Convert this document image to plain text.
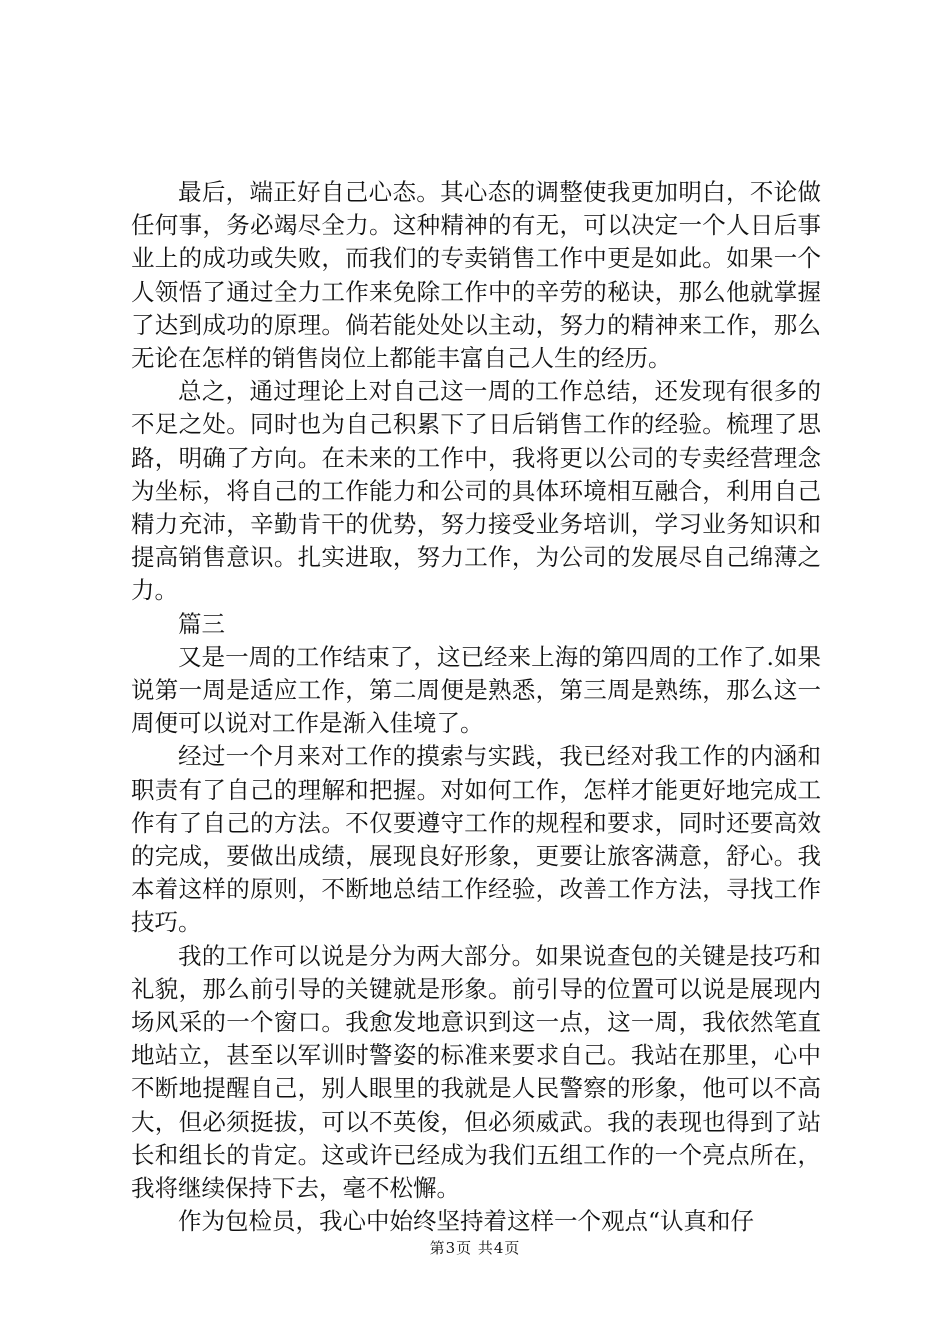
最后，端正好自己心态。其心态的调整使我更加明白，不论做任何事，务必竭尽全力。这种精神的有无，可以决定一个人日后事业上的成功或失败，而我们的专卖销售工作中更是如此。如果一个人领悟了通过全力工作来免除工作中的辛劳的秘诀，那么他就掌握了达到成功的原理。倘若能处处以主动，努力的精神来工作，那么无论在怎样的销售岗位上都能丰富自己人生的经历。

总之，通过理论上对自己这一周的工作总结，还发现有很多的不足之处。同时也为自己积累下了日后销售工作的经验。梳理了思路，明确了方向。在未来的工作中，我将更以公司的专卖经营理念为坐标，将自己的工作能力和公司的具体环境相互融合，利用自己精力充沛，辛勤肯干的优势，努力接受业务培训，学习业务知识和提高销售意识。扎实进取，努力工作，为公司的发展尽自己绵薄之力。

篇三

又是一周的工作结束了，这已经来上海的第四周的工作了.如果说第一周是适应工作，第二周便是熟悉，第三周是熟练，那么这一周便可以说对工作是渐入佳境了。

经过一个月来对工作的摸索与实践，我已经对我工作的内涵和职责有了自己的理解和把握。对如何工作，怎样才能更好地完成工作有了自己的方法。不仅要遵守工作的规程和要求，同时还要高效的完成，要做出成绩，展现良好形象，更要让旅客满意，舒心。我本着这样的原则，不断地总结工作经验，改善工作方法，寻找工作技巧。

我的工作可以说是分为两大部分。如果说查包的关键是技巧和礼貌，那么前引导的关键就是形象。前引导的位置可以说是展现内场风采的一个窗口。我愈发地意识到这一点，这一周，我依然笔直地站立，甚至以军训时警姿的标准来要求自己。我站在那里，心中不断地提醒自己，别人眼里的我就是人民警察的形象，他可以不高大，但必须挺拔，可以不英俊，但必须威武。我的表现也得到了站长和组长的肯定。这或许已经成为我们五组工作的一个亮点所在，我将继续保持下去，毫不松懈。

作为包检员，我心中始终坚持着这样一个观点“认真和仔

第3页 共4页
